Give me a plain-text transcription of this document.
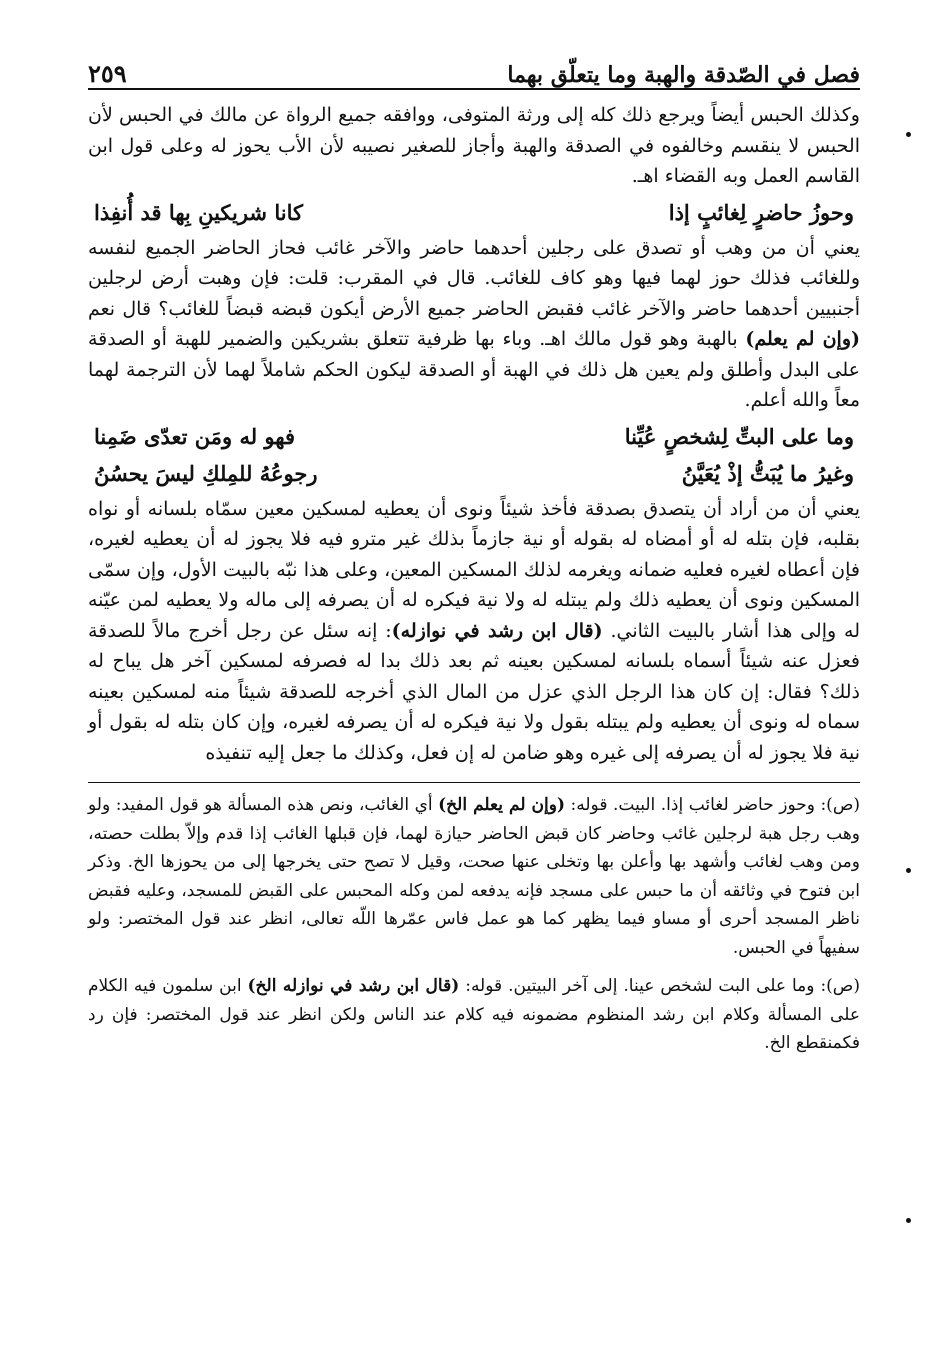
فصل في الصّدقة والهبة وما يتعلّق بهما
٢٥٩

وكذلك الحبس أيضاً ويرجع ذلك كله إلى ورثة المتوفى، ووافقه جميع الرواة عن مالك في الحبس لأن الحبس لا ينقسم وخالفوه في الصدقة والهبة وأجاز للصغير نصيبه لأن الأب يحوز له وعلى قول ابن القاسم العمل وبه القضاء اهـ.

وحوزُ حاضرٍ لِغائبٍ إذا
كانا شريكينِ بِها قد أُنفِذا

يعني أن من وهب أو تصدق على رجلين أحدهما حاضر والآخر غائب فحاز الحاضر الجميع لنفسه وللغائب فذلك حوز لهما فيها وهو كاف للغائب. قال في المقرب: قلت: فإن وهبت أرض لرجلين أجنبيين أحدهما حاضر والآخر غائب فقبض الحاضر جميع الأرض أيكون قبضه قبضاً للغائب؟ قال نعم (وإن لم يعلم) بالهبة وهو قول مالك اهـ. وباء بها ظرفية تتعلق بشريكين والضمير للهبة أو الصدقة على البدل وأطلق ولم يعين هل ذلك في الهبة أو الصدقة ليكون الحكم شاملاً لهما لأن الترجمة لهما معاً والله أعلم.

وما على البتِّ لِشخصٍ عُيِّنا
فهو له ومَن تعدّى ضَمِنا
وغيرُ ما يُبَتُّ إذْ يُعَيَّنُ
رجوعُهُ للمِلكِ ليسَ يحسُنُ

يعني أن من أراد أن يتصدق بصدقة فأخذ شيئاً ونوى أن يعطيه لمسكين معين سمّاه بلسانه أو نواه بقلبه، فإن بتله له أو أمضاه له بقوله أو نية جازماً بذلك غير مترو فيه فلا يجوز له أن يعطيه لغيره، فإن أعطاه لغيره فعليه ضمانه ويغرمه لذلك المسكين المعين، وعلى هذا نبّه بالبيت الأول، وإن سمّى المسكين ونوى أن يعطيه ذلك ولم يبتله له ولا نية فيكره له أن يصرفه إلى ماله ولا يعطيه لمن عيّنه له وإلى هذا أشار بالبيت الثاني. (قال ابن رشد في نوازله): إنه سئل عن رجل أخرج مالاً للصدقة فعزل عنه شيئاً أسماه بلسانه لمسكين بعينه ثم بعد ذلك بدا له فصرفه لمسكين آخر هل يباح له ذلك؟ فقال: إن كان هذا الرجل الذي عزل من المال الذي أخرجه للصدقة شيئاً منه لمسكين بعينه سماه له ونوى أن يعطيه ولم يبتله بقول ولا نية فيكره له أن يصرفه لغيره، وإن كان بتله له بقول أو نية فلا يجوز له أن يصرفه إلى غيره وهو ضامن له إن فعل، وكذلك ما جعل إليه تنفيذه

(ص): وحوز حاضر لغائب إذا. البيت. قوله: (وإن لم يعلم الخ) أي الغائب، ونص هذه المسألة هو قول المفيد: ولو وهب رجل هبة لرجلين غائب وحاضر كان قبض الحاضر حيازة لهما، فإن قبلها الغائب إذا قدم وإلاّ بطلت حصته، ومن وهب لغائب وأشهد بها وأعلن بها وتخلى عنها صحت، وقيل لا تصح حتى يخرجها إلى من يحوزها الخ. وذكر ابن فتوح في وثائقه أن ما حبس على مسجد فإنه يدفعه لمن وكله المحبس على القبض للمسجد، وعليه فقبض ناظر المسجد أحرى أو مساو فيما يظهر كما هو عمل فاس عمّرها اللّه تعالى، انظر عند قول المختصر: ولو سفيهاً في الحبس.

(ص): وما على البت لشخص عينا. إلى آخر البيتين. قوله: (قال ابن رشد في نوازله الخ) ابن سلمون فيه الكلام على المسألة وكلام ابن رشد المنظوم مضمونه فيه كلام عند الناس ولكن انظر عند قول المختصر: فإن رد فكمنقطع الخ.
